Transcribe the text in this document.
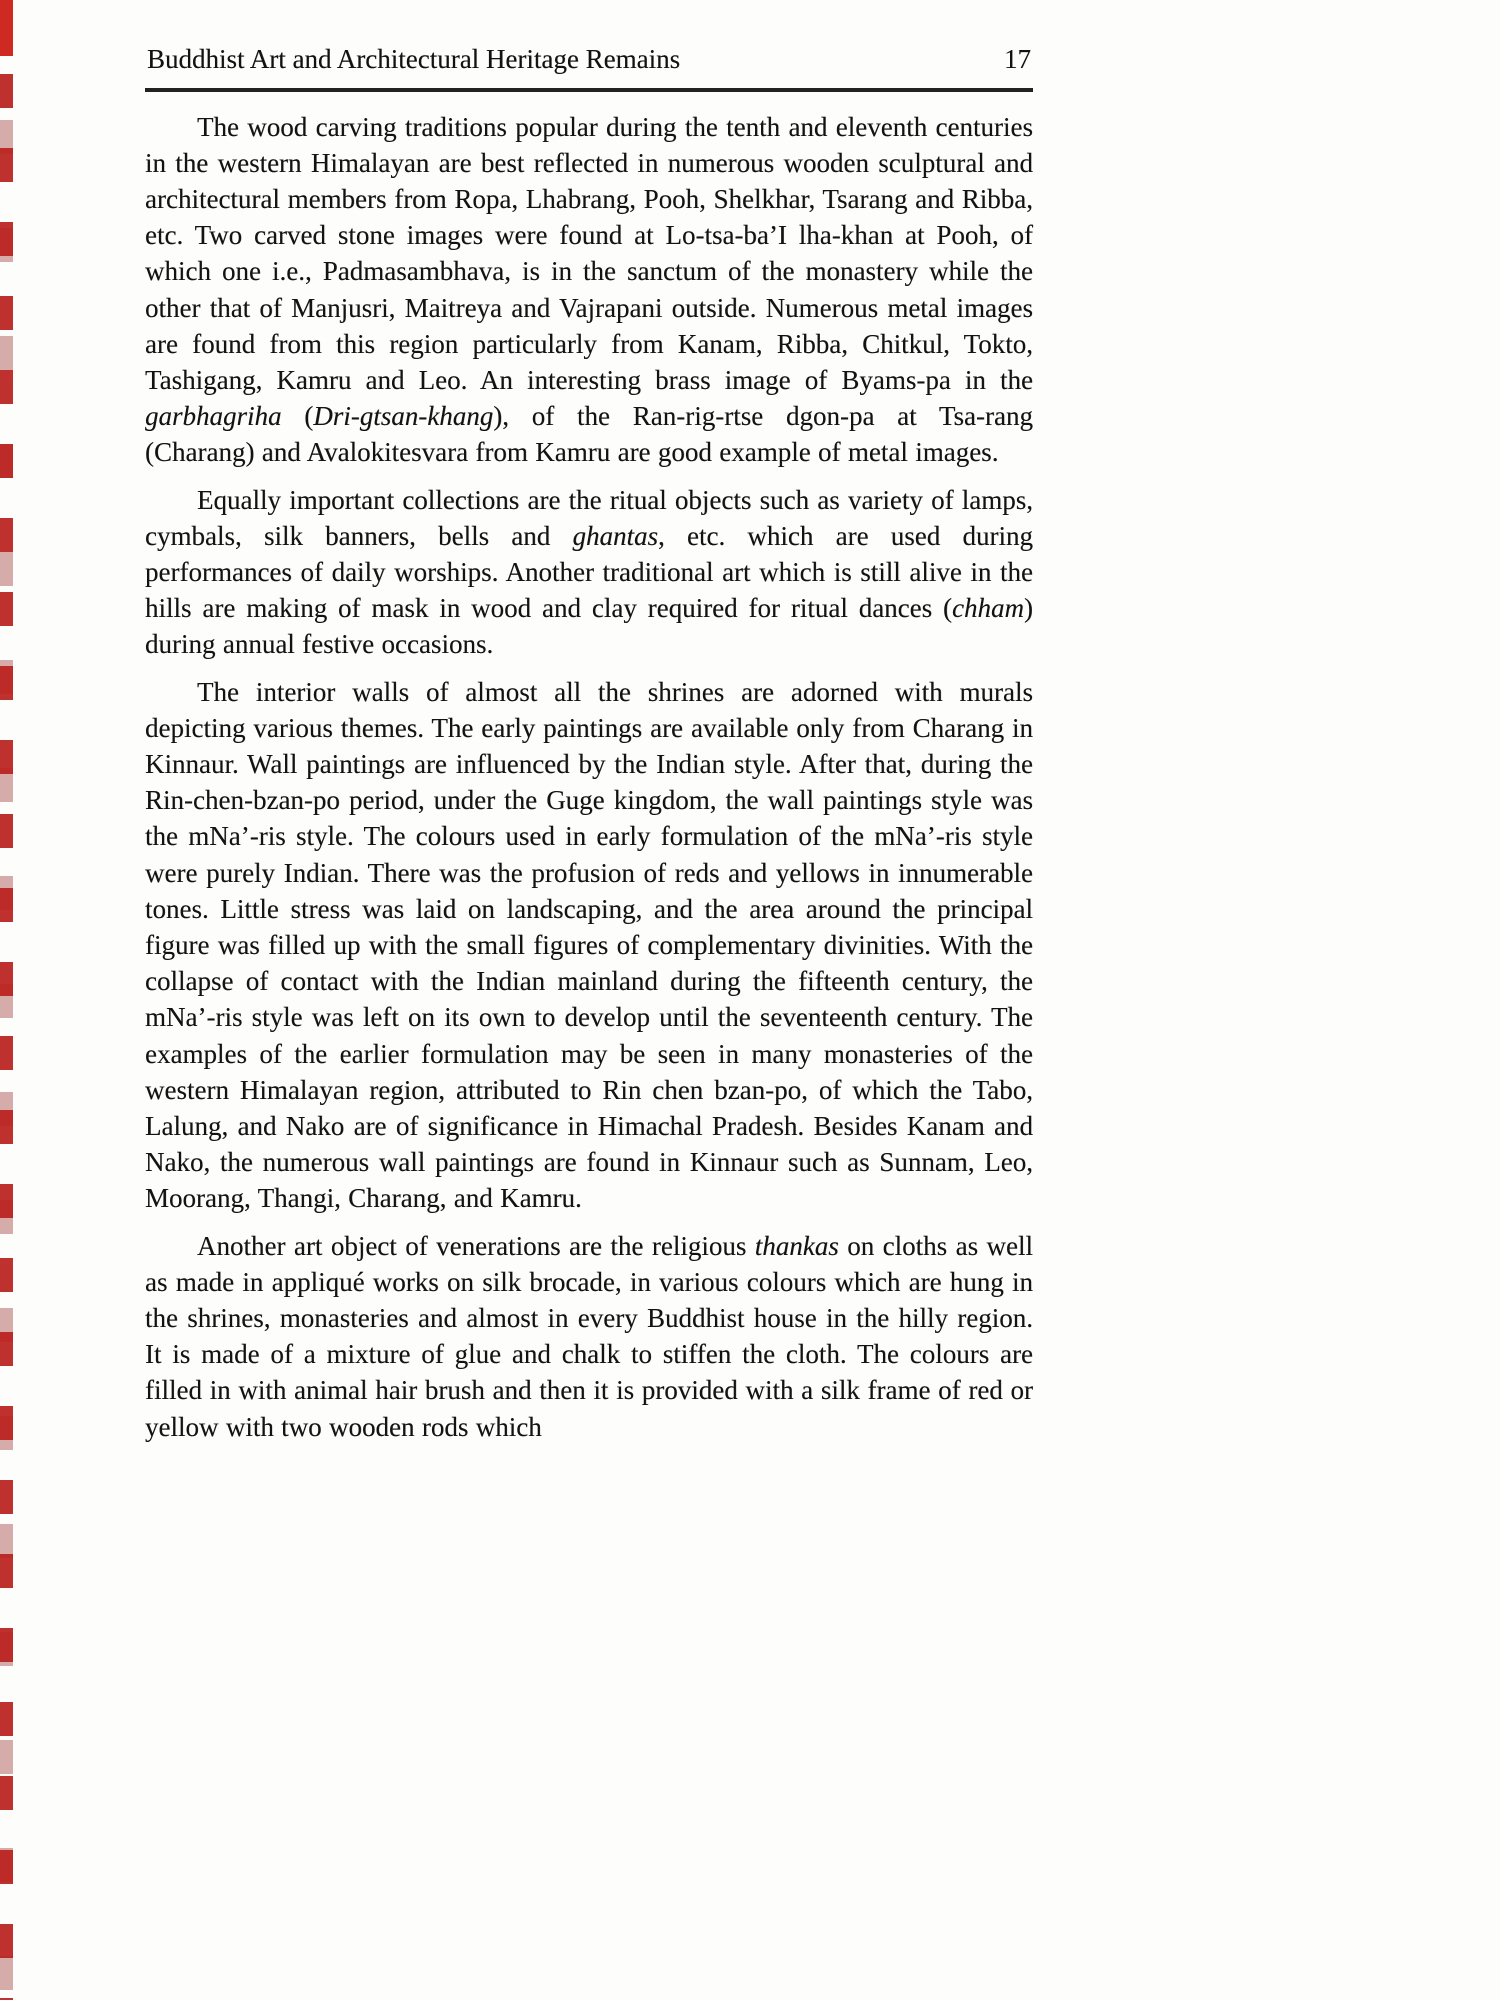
Buddhist Art and Architectural Heritage Remains	17

The wood carving traditions popular during the tenth and eleventh centuries in the western Himalayan are best reflected in numerous wooden sculptural and architectural members from Ropa, Lhabrang, Pooh, Shelkhar, Tsarang and Ribba, etc. Two carved stone images were found at Lo-tsa-ba’I lha-khan at Pooh, of which one i.e., Padmasambhava, is in the sanctum of the monastery while the other that of Manjusri, Maitreya and Vajrapani outside. Numerous metal images are found from this region particularly from Kanam, Ribba, Chitkul, Tokto, Tashigang, Kamru and Leo. An interesting brass image of Byams-pa in the garbhagriha (Dri-gtsan-khang), of the Ran-rig-rtse dgon-pa at Tsa-rang (Charang) and Avalokitesvara from Kamru are good example of metal images.

Equally important collections are the ritual objects such as variety of lamps, cymbals, silk banners, bells and ghantas, etc. which are used during performances of daily worships. Another traditional art which is still alive in the hills are making of mask in wood and clay required for ritual dances (chham) during annual festive occasions.

The interior walls of almost all the shrines are adorned with murals depicting various themes. The early paintings are available only from Charang in Kinnaur. Wall paintings are influenced by the Indian style. After that, during the Rin-chen-bzan-po period, under the Guge kingdom, the wall paintings style was the mNa’-ris style. The colours used in early formulation of the mNa’-ris style were purely Indian. There was the profusion of reds and yellows in innumerable tones. Little stress was laid on landscaping, and the area around the principal figure was filled up with the small figures of complementary divinities. With the collapse of contact with the Indian mainland during the fifteenth century, the mNa’-ris style was left on its own to develop until the seventeenth century. The examples of the earlier formulation may be seen in many monasteries of the western Himalayan region, attributed to Rin chen bzan-po, of which the Tabo, Lalung, and Nako are of significance in Himachal Pradesh. Besides Kanam and Nako, the numerous wall paintings are found in Kinnaur such as Sunnam, Leo, Moorang, Thangi, Charang, and Kamru.

Another art object of venerations are the religious thankas on cloths as well as made in appliqué works on silk brocade, in various colours which are hung in the shrines, monasteries and almost in every Buddhist house in the hilly region. It is made of a mixture of glue and chalk to stiffen the cloth. The colours are filled in with animal hair brush and then it is provided with a silk frame of red or yellow with two wooden rods which
